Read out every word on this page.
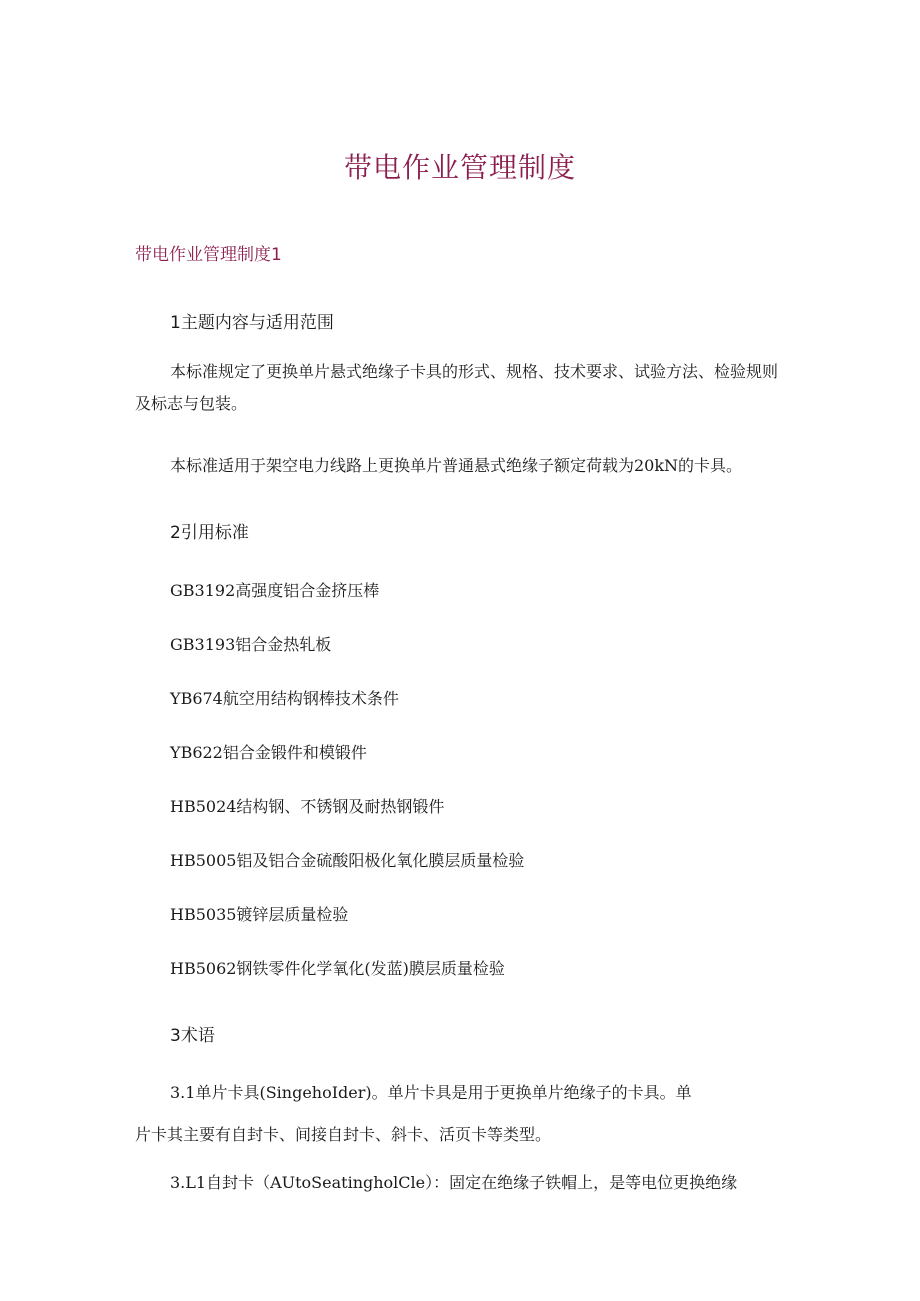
带电作业管理制度
带电作业管理制度1
1主题内容与适用范围
本标准规定了更换单片悬式绝缘子卡具的形式、规格、技术要求、试验方法、检验规则及标志与包装。
本标准适用于架空电力线路上更换单片普通悬式绝缘子额定荷载为20kN的卡具。
2引用标准
GB3192高强度铝合金挤压棒
GB3193铝合金热轧板
YB674航空用结构钢棒技术条件
YB622铝合金锻件和模锻件
HB5024结构钢、不锈钢及耐热钢锻件
HB5005铝及铝合金硫酸阳极化氧化膜层质量检验
HB5035镀锌层质量检验
HB5062钢铁零件化学氧化(发蓝)膜层质量检验
3术语
3.1单片卡具(SingehoIder)。单片卡具是用于更换单片绝缘子的卡具。单
片卡其主要有自封卡、间接自封卡、斜卡、活页卡等类型。
3.L1自封卡（AUtoSeatingholCle）：固定在绝缘子铁帽上，是等电位更换绝缘
